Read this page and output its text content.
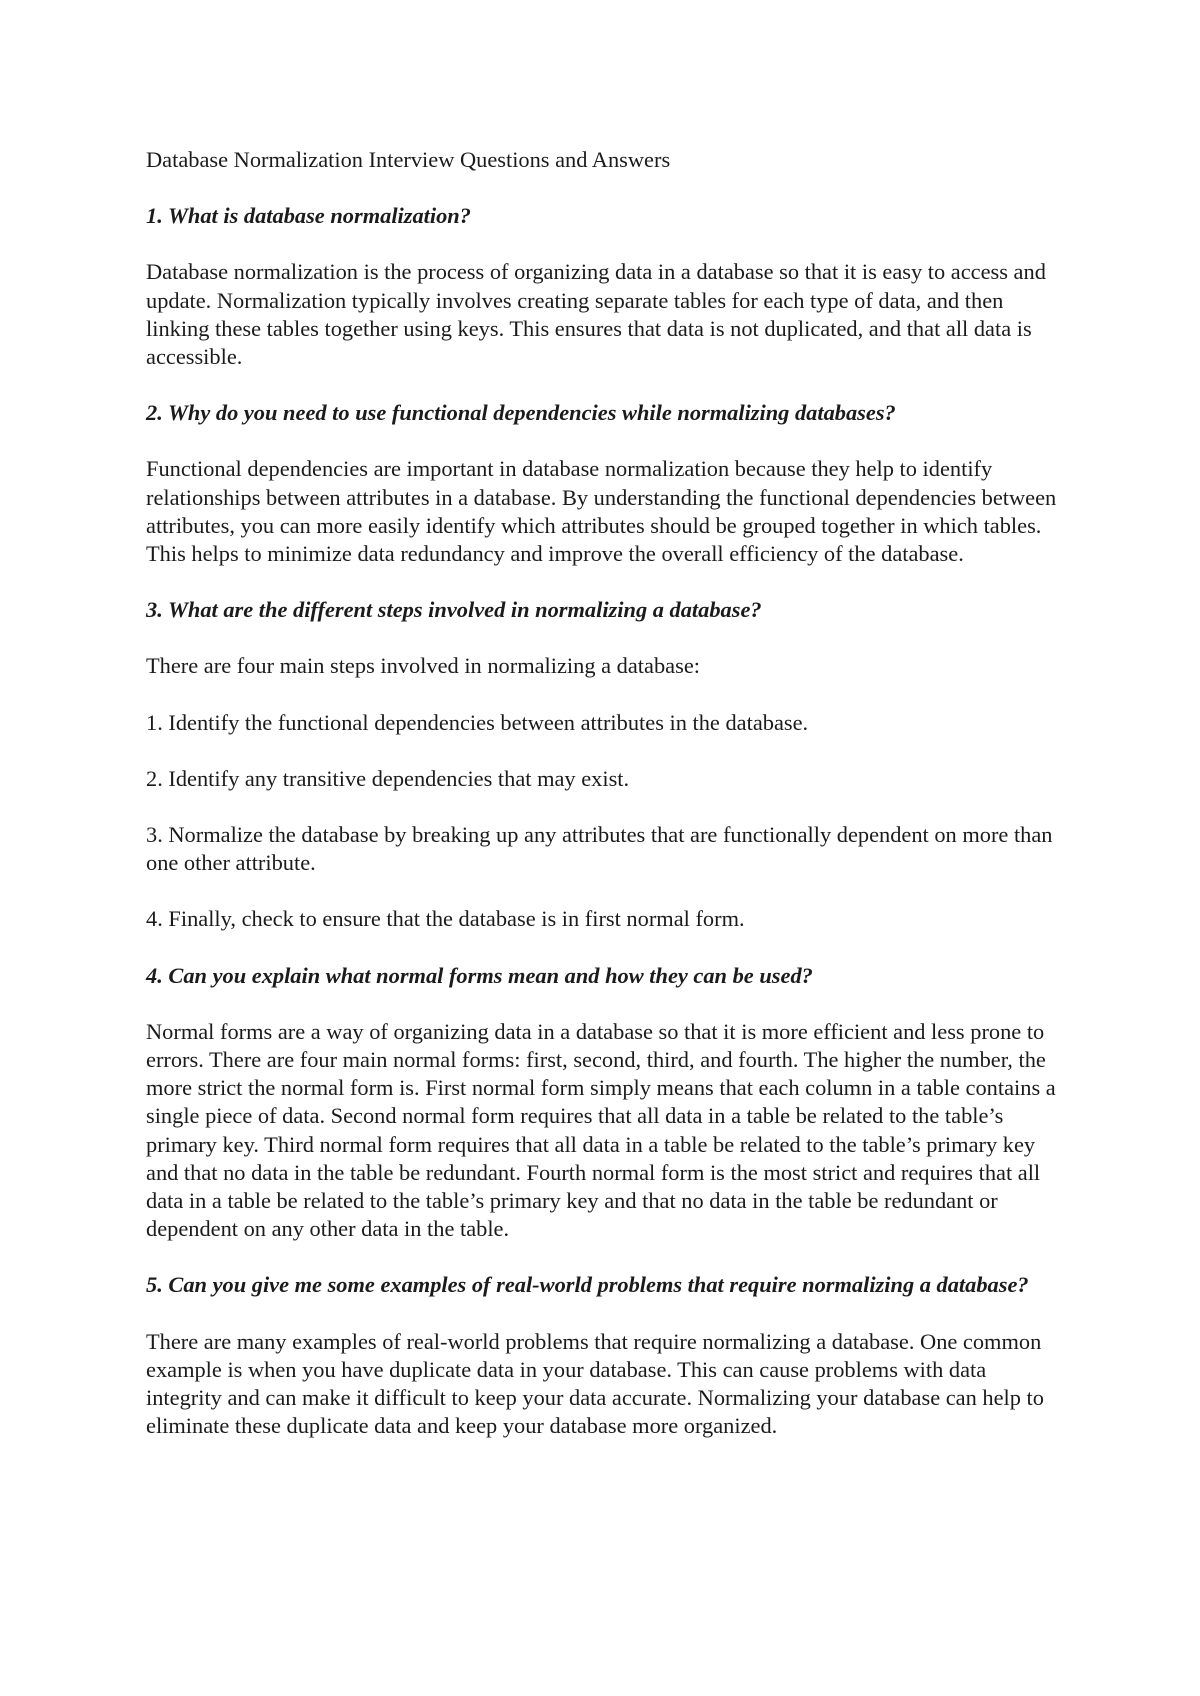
Database Normalization Interview Questions and Answers

1. What is database normalization?

Database normalization is the process of organizing data in a database so that it is easy to access and update. Normalization typically involves creating separate tables for each type of data, and then linking these tables together using keys. This ensures that data is not duplicated, and that all data is accessible.

2. Why do you need to use functional dependencies while normalizing databases?

Functional dependencies are important in database normalization because they help to identify relationships between attributes in a database. By understanding the functional dependencies between attributes, you can more easily identify which attributes should be grouped together in which tables. This helps to minimize data redundancy and improve the overall efficiency of the database.

3. What are the different steps involved in normalizing a database?

There are four main steps involved in normalizing a database:

1. Identify the functional dependencies between attributes in the database.

2. Identify any transitive dependencies that may exist.

3. Normalize the database by breaking up any attributes that are functionally dependent on more than one other attribute.

4. Finally, check to ensure that the database is in first normal form.

4. Can you explain what normal forms mean and how they can be used?

Normal forms are a way of organizing data in a database so that it is more efficient and less prone to errors. There are four main normal forms: first, second, third, and fourth. The higher the number, the more strict the normal form is. First normal form simply means that each column in a table contains a single piece of data. Second normal form requires that all data in a table be related to the table’s primary key. Third normal form requires that all data in a table be related to the table’s primary key and that no data in the table be redundant. Fourth normal form is the most strict and requires that all data in a table be related to the table’s primary key and that no data in the table be redundant or dependent on any other data in the table.

5. Can you give me some examples of real-world problems that require normalizing a database?

There are many examples of real-world problems that require normalizing a database. One common example is when you have duplicate data in your database. This can cause problems with data integrity and can make it difficult to keep your data accurate. Normalizing your database can help to eliminate these duplicate data and keep your database more organized.
